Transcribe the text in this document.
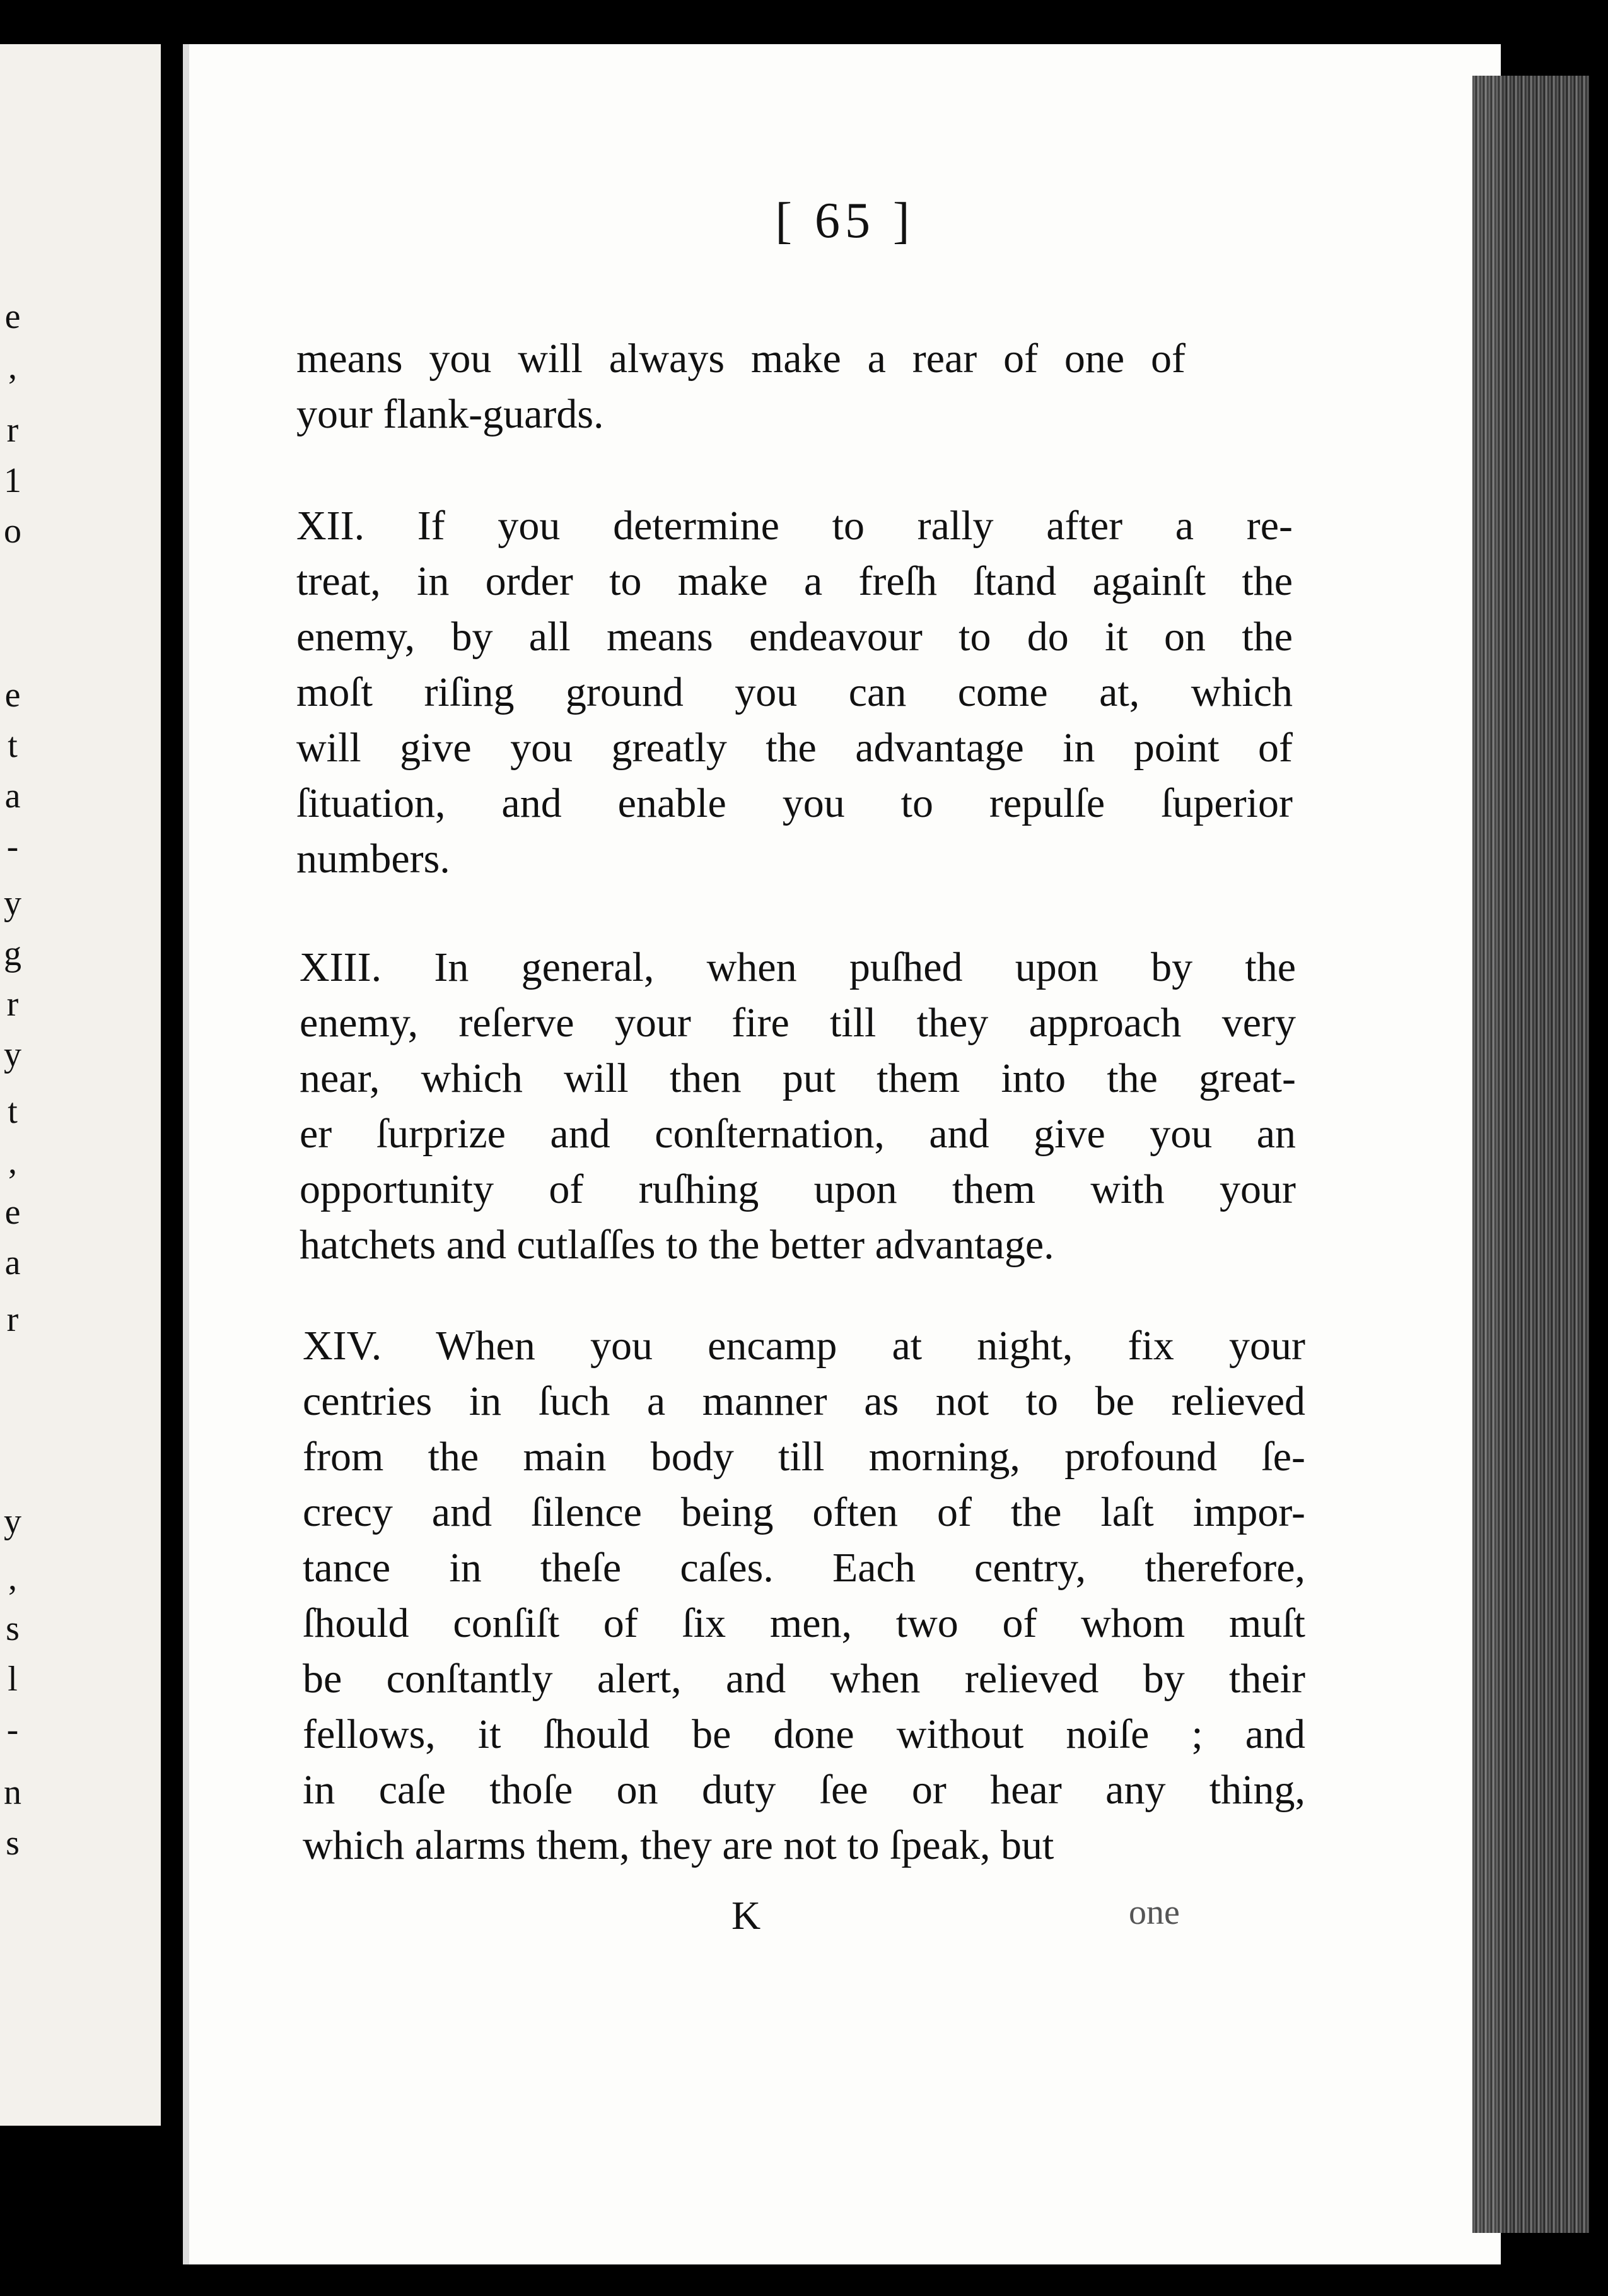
e
,
r
1
o
e
t
a
-
y
g
r
y
t
,
e
a
r
y
,
s
l
-
n
s
[ 65 ]
means you will always make a rear of one of
your flank-guards.
XII. If you determine to rally after a re-
treat, in order to make a freſh ſtand againſt the
enemy, by all means endeavour to do it on the
moſt riſing ground you can come at, which
will give you greatly the advantage in point of
ſituation, and enable you to repulſe ſuperior
numbers.
XIII. In general, when puſhed upon by the
enemy, reſerve your fire till they approach very
near, which will then put them into the great-
er ſurprize and conſternation, and give you an
opportunity of ruſhing upon them with your
hatchets and cutlaſſes to the better advantage.
XIV. When you encamp at night, fix your
centries in ſuch a manner as not to be relieved
from the main body till morning, profound ſe-
crecy and ſilence being often of the laſt impor-
tance in theſe caſes. Each centry, therefore,
ſhould conſiſt of ſix men, two of whom muſt
be conſtantly alert, and when relieved by their
fellows, it ſhould be done without noiſe ; and
in caſe thoſe on duty ſee or hear any thing,
which alarms them, they are not to ſpeak, but
K	one
